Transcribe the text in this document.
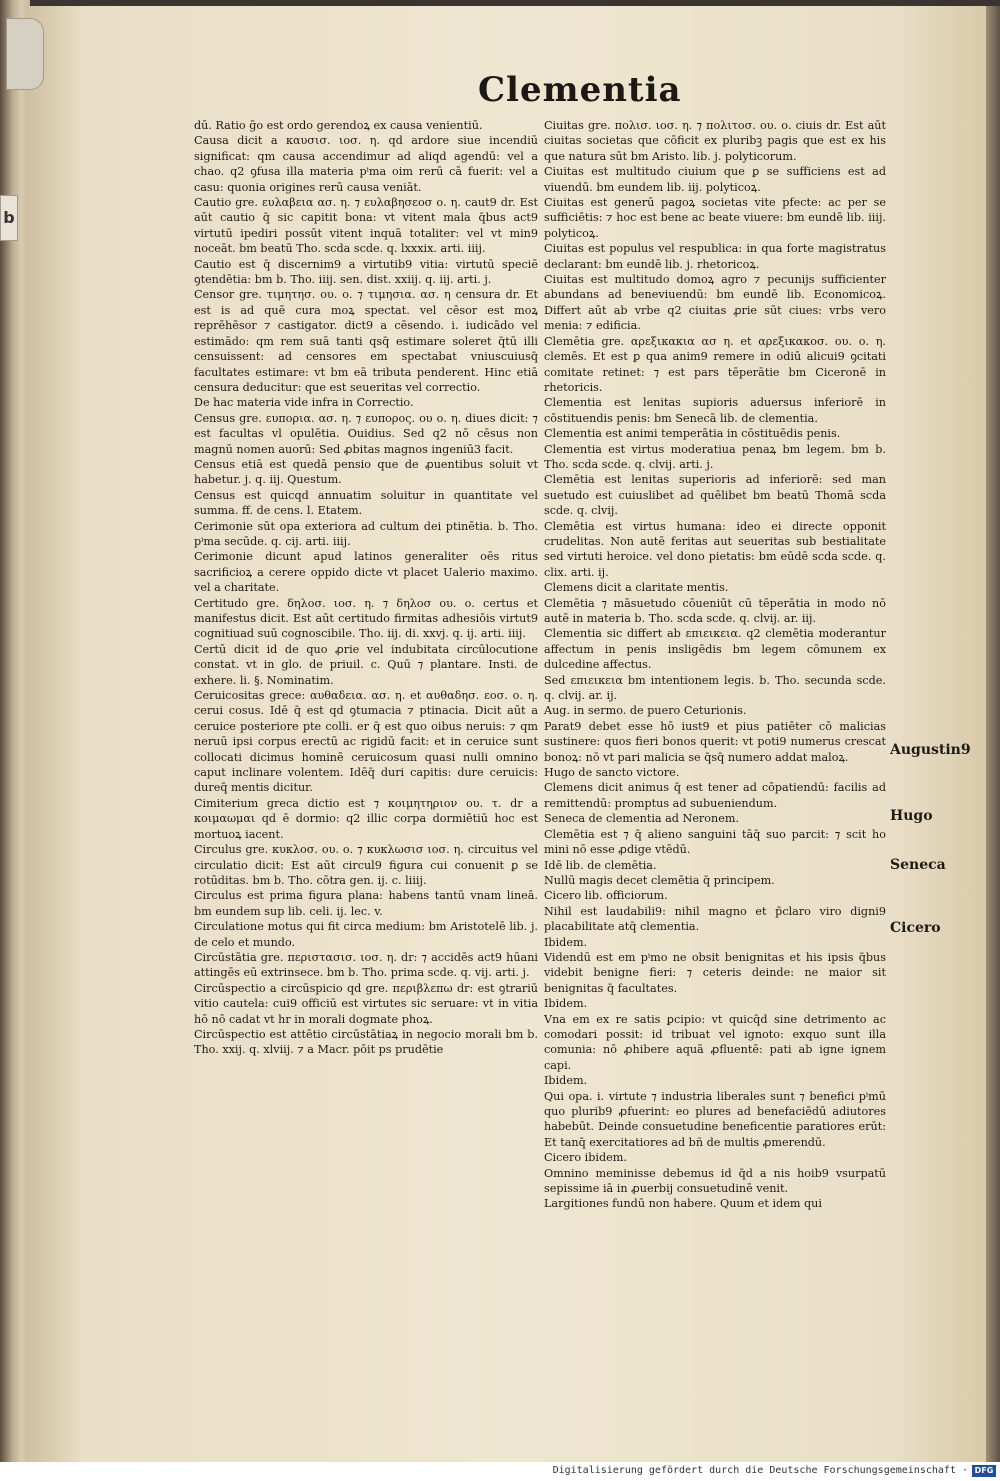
b
Clementia

dū. Ratio ḡo est ordo gerendoꝝ ex causa venientiū.

Causa dicit a καυσισ. ιοσ. η. qd ardore siue incendiū significat: qm causa accendimur ad aliqd agendū: vel a chao. q2 ꝯfusa illa materia pⁱma oim rerū cā fuerit: vel a casu: quonia origines rerū causa veniāt.

Cautio gre. ευλαβεια ασ. η. ⁊ ευλαβησεοσ ο. η. caut9 dr. Est aūt cautio q̄ sic capitit bona: vt vitent mala q̄bus act9 virtutū ipediri possūt vitent inquā totaliter: vel vt min9 noceāt. bm beatū Tho. scda scde. q. lxxxix. arti. iiij.

Cautio est q̄ discernim9 a virtutib9 vitia: virtutū speciē ꝯtendētia: bm b. Tho. iiij. sen. dist. xxiij. q. iij. arti. j.

Censor gre. τιμητησ. ου. ο. ⁊ τιμησια. ασ. η censura dr. Et est is ad quē cura moꝝ spectat. vel cēsor est moꝝ reprēhēsor ⁊ castigator. dict9 a cēsendo. i. iudicādo vel estimādo: qm rem suā tanti qsq̄ estimare soleret q̄tū illi censuissent: ad censores em spectabat vniuscuiusq̄ facultates estimare: vt bm eā tributa penderent. Hinc etiā censura deducitur: que est seueritas vel correctio.

De hac materia vide infra in Correctio.

Census gre. ευπορια. ασ. η. ⁊ ευπορος. ου ο. η. diues dicit: ⁊ est facultas vl opulētia. Ouidius. Sed q2 nō cēsus non magnū nomen auorū: Sed ꝓbitas magnos ingeniū3 facit.

Census etiā est quedā pensio que de ꝓuentibus soluit vt habetur. j. q. iij. Questum.

Census est quicqd annuatim soluitur in quantitate vel summa. ff. de cens. l. Etatem.

Cerimonie sūt opa exteriora ad cultum dei ptinētia. b. Tho. pⁱma secūde. q. cij. arti. iiij.

Cerimonie dicunt apud latinos generaliter oēs ritus sacrificioꝝ a cerere oppido dicte vt placet Ualerio maximo. vel a charitate.

Certitudo gre. δηλοσ. ιοσ. η. ⁊ δηλοσ ου. ο. certus et manifestus dicit. Est aūt certitudo firmitas adhesiōis virtut9 cognitiuad suū cognoscibile. Tho. iij. di. xxvj. q. ij. arti. iiij.

Certū dicit id de quo ꝓrie vel indubitata circūlocutione constat. vt in glo. de priuil. c. Quū ⁊ plantare. Insti. de exhere. li. §. Nominatim.

Ceruicositas grece: αυθαδεια. ασ. η. et αυθαδησ. εοσ. ο. η. cerui cosus. Idē q̄ est qd ꝯtumacia ⁊ ptinacia. Dicit aūt a ceruice posteriore pte colli. er q̄ est quo oibus neruis: ⁊ qm neruū ipsi corpus erectū ac rigidū facit: et in ceruice sunt collocati dicimus hominē ceruicosum quasi nulli omnino caput inclinare volentem. Idēq̄ duri capitis: dure ceruicis: dureq̄ mentis dicitur.

Cimiterium greca dictio est ⁊ κοιμητηριον ου. τ. dr a κοιμαωμαι qd ē dormio: q2 illic corpa dormiētiū hoc est mortuoꝝ iacent.

Circulus gre. κυκλοσ. ου. ο. ⁊ κυκλωσισ ιοσ. η. circuitus vel circulatio dicit: Est aūt circul9 figura cui conuenit ꝑ se rotūditas. bm b. Tho. cōtra gen. ij. c. liiij.

Circulus est prima figura plana: habens tantū vnam lineā. bm eundem sup lib. celi. ij. lec. v.

Circulatione motus qui fit circa medium: bm Aristotelē lib. j. de celo et mundo.

Circūstātia gre. περιστασισ. ιοσ. η. dr: ⁊ accidēs act9 hūani attingēs eū extrinsece. bm b. Tho. prima scde. q. vij. arti. j.

Circūspectio a circūspicio qd gre. περιβλεπω dr: est ꝯtrariū vitio cautela: cui9 officiū est virtutes sic seruare: vt in vitia hō nō cadat vt hr in morali dogmate phoꝝ.

Circūspectio est attētio circūstātiaꝝ in negocio morali bm b. Tho. xxij. q. xlviij. ⁊ a Macr. pōit ps prudētie

Ciuitas gre. πολισ. ιοσ. η. ⁊ πολιτοσ. ου. ο. ciuis dr. Est aūt ciuitas societas que cōficit ex pluribꝫ pagis que est ex his que natura sūt bm Aristo. lib. j. polyticorum.

Ciuitas est multitudo ciuium que ꝑ se sufficiens est ad viuendū. bm eundem lib. iij. polyticoꝝ.

Ciuitas est generū pagoꝝ societas vite pfecte: ac per se sufficiētis: ⁊ hoc est bene ac beate viuere: bm eundē lib. iiij. polyticoꝝ.

Ciuitas est populus vel respublica: in qua forte magistratus declarant: bm eundē lib. j. rhetoricoꝝ.

Ciuitas est multitudo domoꝝ agro ⁊ pecunijs sufficienter abundans ad beneviuendū: bm eundē lib. Economicoꝝ. Differt aūt ab vrbe q2 ciuitas ꝓrie sūt ciues: vrbs vero menia: ⁊ edificia.

Clemētia gre. αρεξικακια ασ η. et αρεξικακοσ. ου. ο. η. clemēs. Et est ꝑ qua anim9 remere in odiū alicui9 ꝯcitati comitate retinet: ⁊ est pars tēperātie bm Ciceronē in rhetoricis.

Clementia est lenitas supioris aduersus inferiorē in cōstituendis penis: bm Senecā lib. de clementia.

Clementia est animi temperātia in cōstituēdis penis.

Clementia est virtus moderatiua penaꝝ bm legem. bm b. Tho. scda scde. q. clvij. arti. j.

Clemētia est lenitas superioris ad inferiorē: sed man suetudo est cuiuslibet ad quēlibet bm beatū Thomā scda scde. q. clvij.

Clemētia est virtus humana: ideo ei directe opponit crudelitas. Non autē feritas aut seueritas sub bestialitate sed virtuti heroice. vel dono pietatis: bm eūdē scda scde. q. clix. arti. ij.

Clemens dicit a claritate mentis.

Clemētia ⁊ māsuetudo cōueniūt cū tēperātia in modo nō autē in materia b. Tho. scda scde. q. clvij. ar. iij.

Clementia sic differt ab επιεικεια. q2 clemētia moderantur affectum in penis insligēdis bm legem cōmunem ex dulcedine affectus.

Sed επιεικεια bm intentionem legis. b. Tho. secunda scde. q. clvij. ar. ij.

Aug. in sermo. de puero Ceturionis.

Parat9 debet esse hō iust9 et pius patiēter cō malicias sustinere: quos fieri bonos querit: vt poti9 numerus crescat bonoꝝ: nō vt pari malicia se q̄sq̄ numero addat maloꝝ.

Hugo de sancto victore.

Clemens dicit animus q̄ est tener ad cōpatiendū: facilis ad remittendū: promptus ad subueniendum.

Seneca de clementia ad Neronem.

Clemētia est ⁊ q̄ alieno sanguini tāq̄ suo parcit: ⁊ scit ho mini nō esse ꝓdige vtēdū.

Idē lib. de clemētia.

Nullū magis decet clemētia q̄ principem.

Cicero lib. officiorum.

Nihil est laudabili9: nihil magno et p̄claro viro digni9 placabilitate atq̄ clementia.

Ibidem.

Videndū est em pⁱmo ne obsit benignitas et his ipsis q̄bus videbit benigne fieri: ⁊ ceteris deinde: ne maior sit benignitas q̄ facultates.

Ibidem.

Vna em ex re satis ꝑcipio: vt quicq̄d sine detrimento ac comodari possit: id tribuat vel ignoto: exquo sunt illa comunia: nō ꝓhibere aquā ꝓfluentē: pati ab igne ignem capi.

Ibidem.

Qui opa. i. virtute ⁊ industria liberales sunt ⁊ benefici pⁱmū quo plurib9 ꝓfuerint: eo plures ad benefaciēdū adiutores habebūt. Deinde consuetudine beneficentie paratiores erūt: Et tanq̄ exercitatiores ad bñ de multis ꝓmerendū.

Cicero ibidem.

Omnino meminisse debemus id q̄d a nis hoib9 vsurpatū sepissime iā in ꝓuerbij consuetudinē venit.

Largitiones fundū non habere. Quum et idem qui

Augustin9
Hugo
Seneca
Cicero
Digitalisierung gefördert durch die Deutsche Forschungsgemeinschaft · DFG
